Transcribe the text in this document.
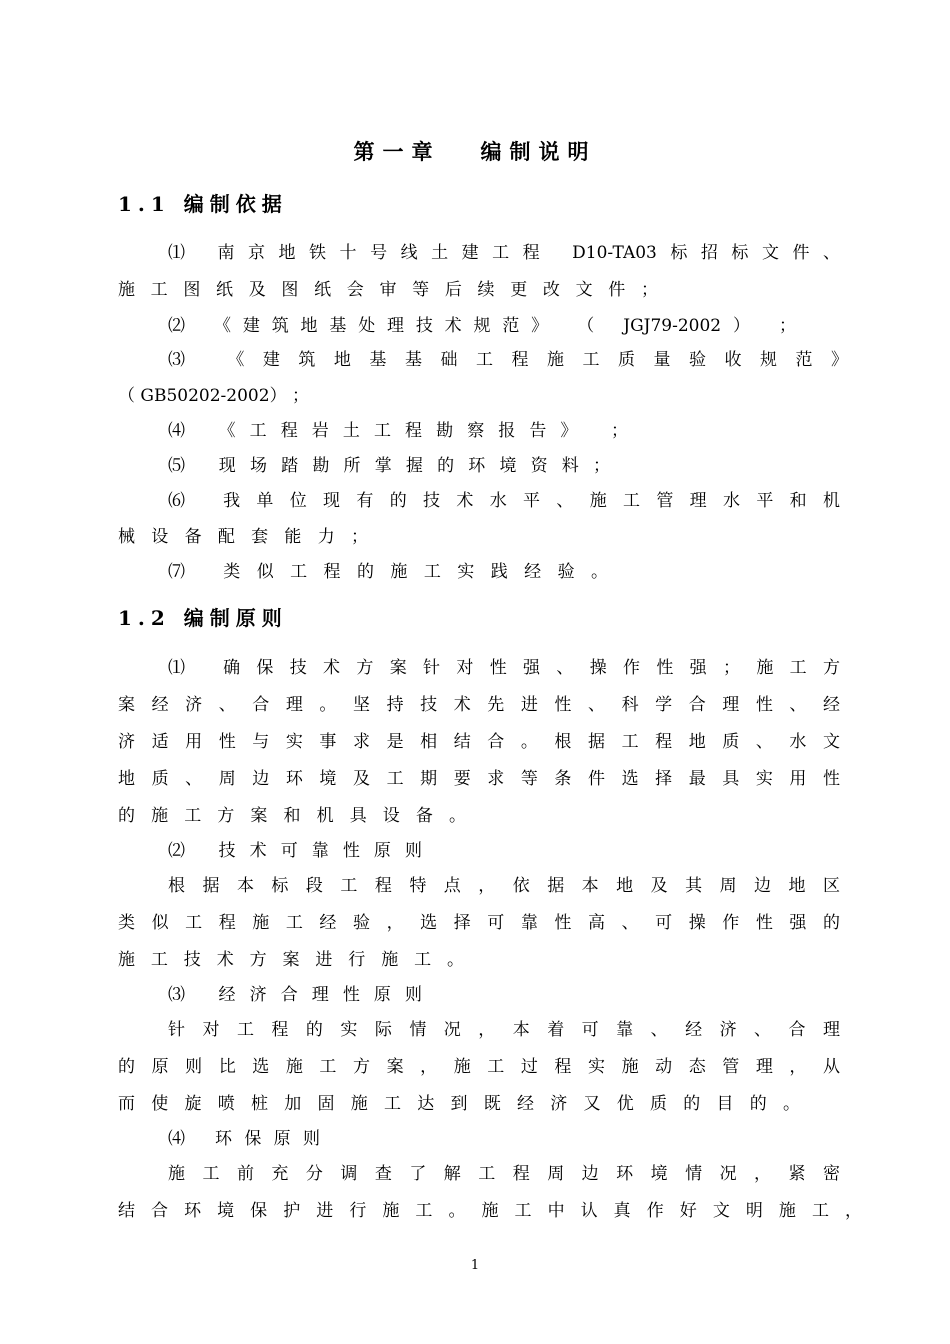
第一章 编制说明
1.1 编制依据
⑴ 南京地铁十号线土建工程 D10-TA03标招标文件、
施工图纸及图纸会审等后续更改文件；
⑵ 《建筑地基处理技术规范》 （ JGJ79-2002） ；
⑶ 《建筑地基基础工程施工质量验收规范》
（ GB50202-2002） ；
⑷ 《工程岩土工程勘察报告》 ；
⑸ 现场踏勘所掌握的环境资料；
⑹ 我单位现有的技术水平、施工管理水平和机
械设备配套能力；
⑺ 类似工程的施工实践经验。
1.2 编制原则
⑴ 确保技术方案针对性强、操作性强；施工方
案经济、合理。坚持技术先进性、科学合理性、经
济适用性与实事求是相结合。根据工程地质、水文
地质、周边环境及工期要求等条件选择最具实用性
的施工方案和机具设备。
⑵ 技术可靠性原则
根据本标段工程特点，依据本地及其周边地区
类似工程施工经验，选择可靠性高、可操作性强的
施工技术方案进行施工。
⑶ 经济合理性原则
针对工程的实际情况，本着可靠、经济、合理
的原则比选施工方案，施工过程实施动态管理，从
而使旋喷桩加固施工达到既经济又优质的目的。
⑷ 环保原则
施工前充分调查了解工程周边环境情况，紧密
结合环境保护进行施工。施工中认真作好文明施工，
1
